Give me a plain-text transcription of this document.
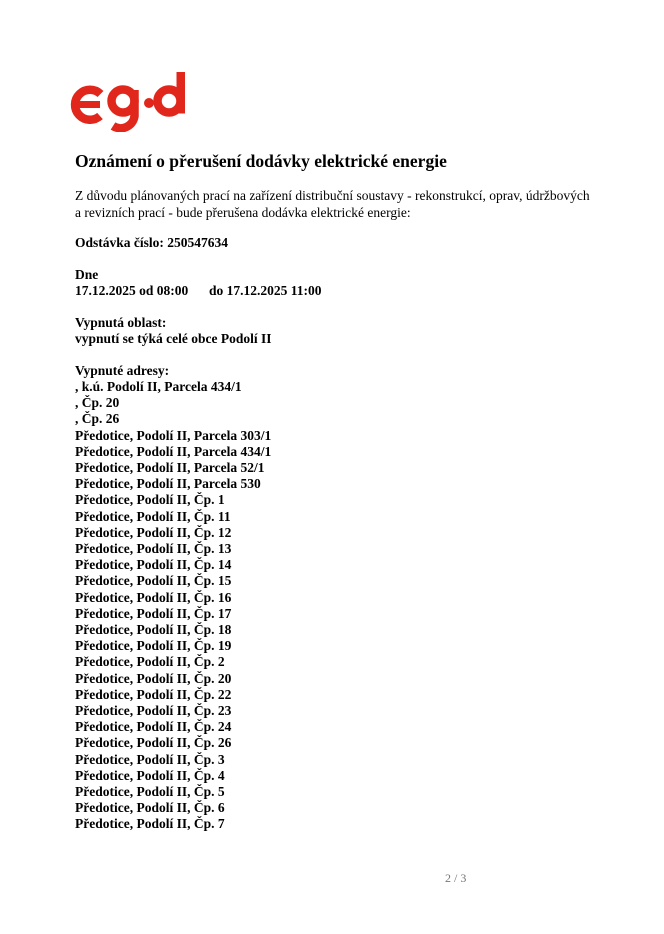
Oznámení o přerušení dodávky elektrické energie
Z důvodu plánovaných prací na zařízení distribuční soustavy - rekonstrukcí, oprav, údržbových a revizních prací - bude přerušena dodávka elektrické energie:
Odstávka číslo: 250547634
Dne
17.12.2025 od 08:00 do 17.12.2025 11:00
Vypnutá oblast:
vypnutí se týká celé obce Podolí II
Vypnuté adresy:
, k.ú. Podolí II, Parcela 434/1
, Čp. 20
, Čp. 26
Předotice, Podolí II, Parcela 303/1
Předotice, Podolí II, Parcela 434/1
Předotice, Podolí II, Parcela 52/1
Předotice, Podolí II, Parcela 530
Předotice, Podolí II, Čp. 1
Předotice, Podolí II, Čp. 11
Předotice, Podolí II, Čp. 12
Předotice, Podolí II, Čp. 13
Předotice, Podolí II, Čp. 14
Předotice, Podolí II, Čp. 15
Předotice, Podolí II, Čp. 16
Předotice, Podolí II, Čp. 17
Předotice, Podolí II, Čp. 18
Předotice, Podolí II, Čp. 19
Předotice, Podolí II, Čp. 2
Předotice, Podolí II, Čp. 20
Předotice, Podolí II, Čp. 22
Předotice, Podolí II, Čp. 23
Předotice, Podolí II, Čp. 24
Předotice, Podolí II, Čp. 26
Předotice, Podolí II, Čp. 3
Předotice, Podolí II, Čp. 4
Předotice, Podolí II, Čp. 5
Předotice, Podolí II, Čp. 6
Předotice, Podolí II, Čp. 7
2 / 3
